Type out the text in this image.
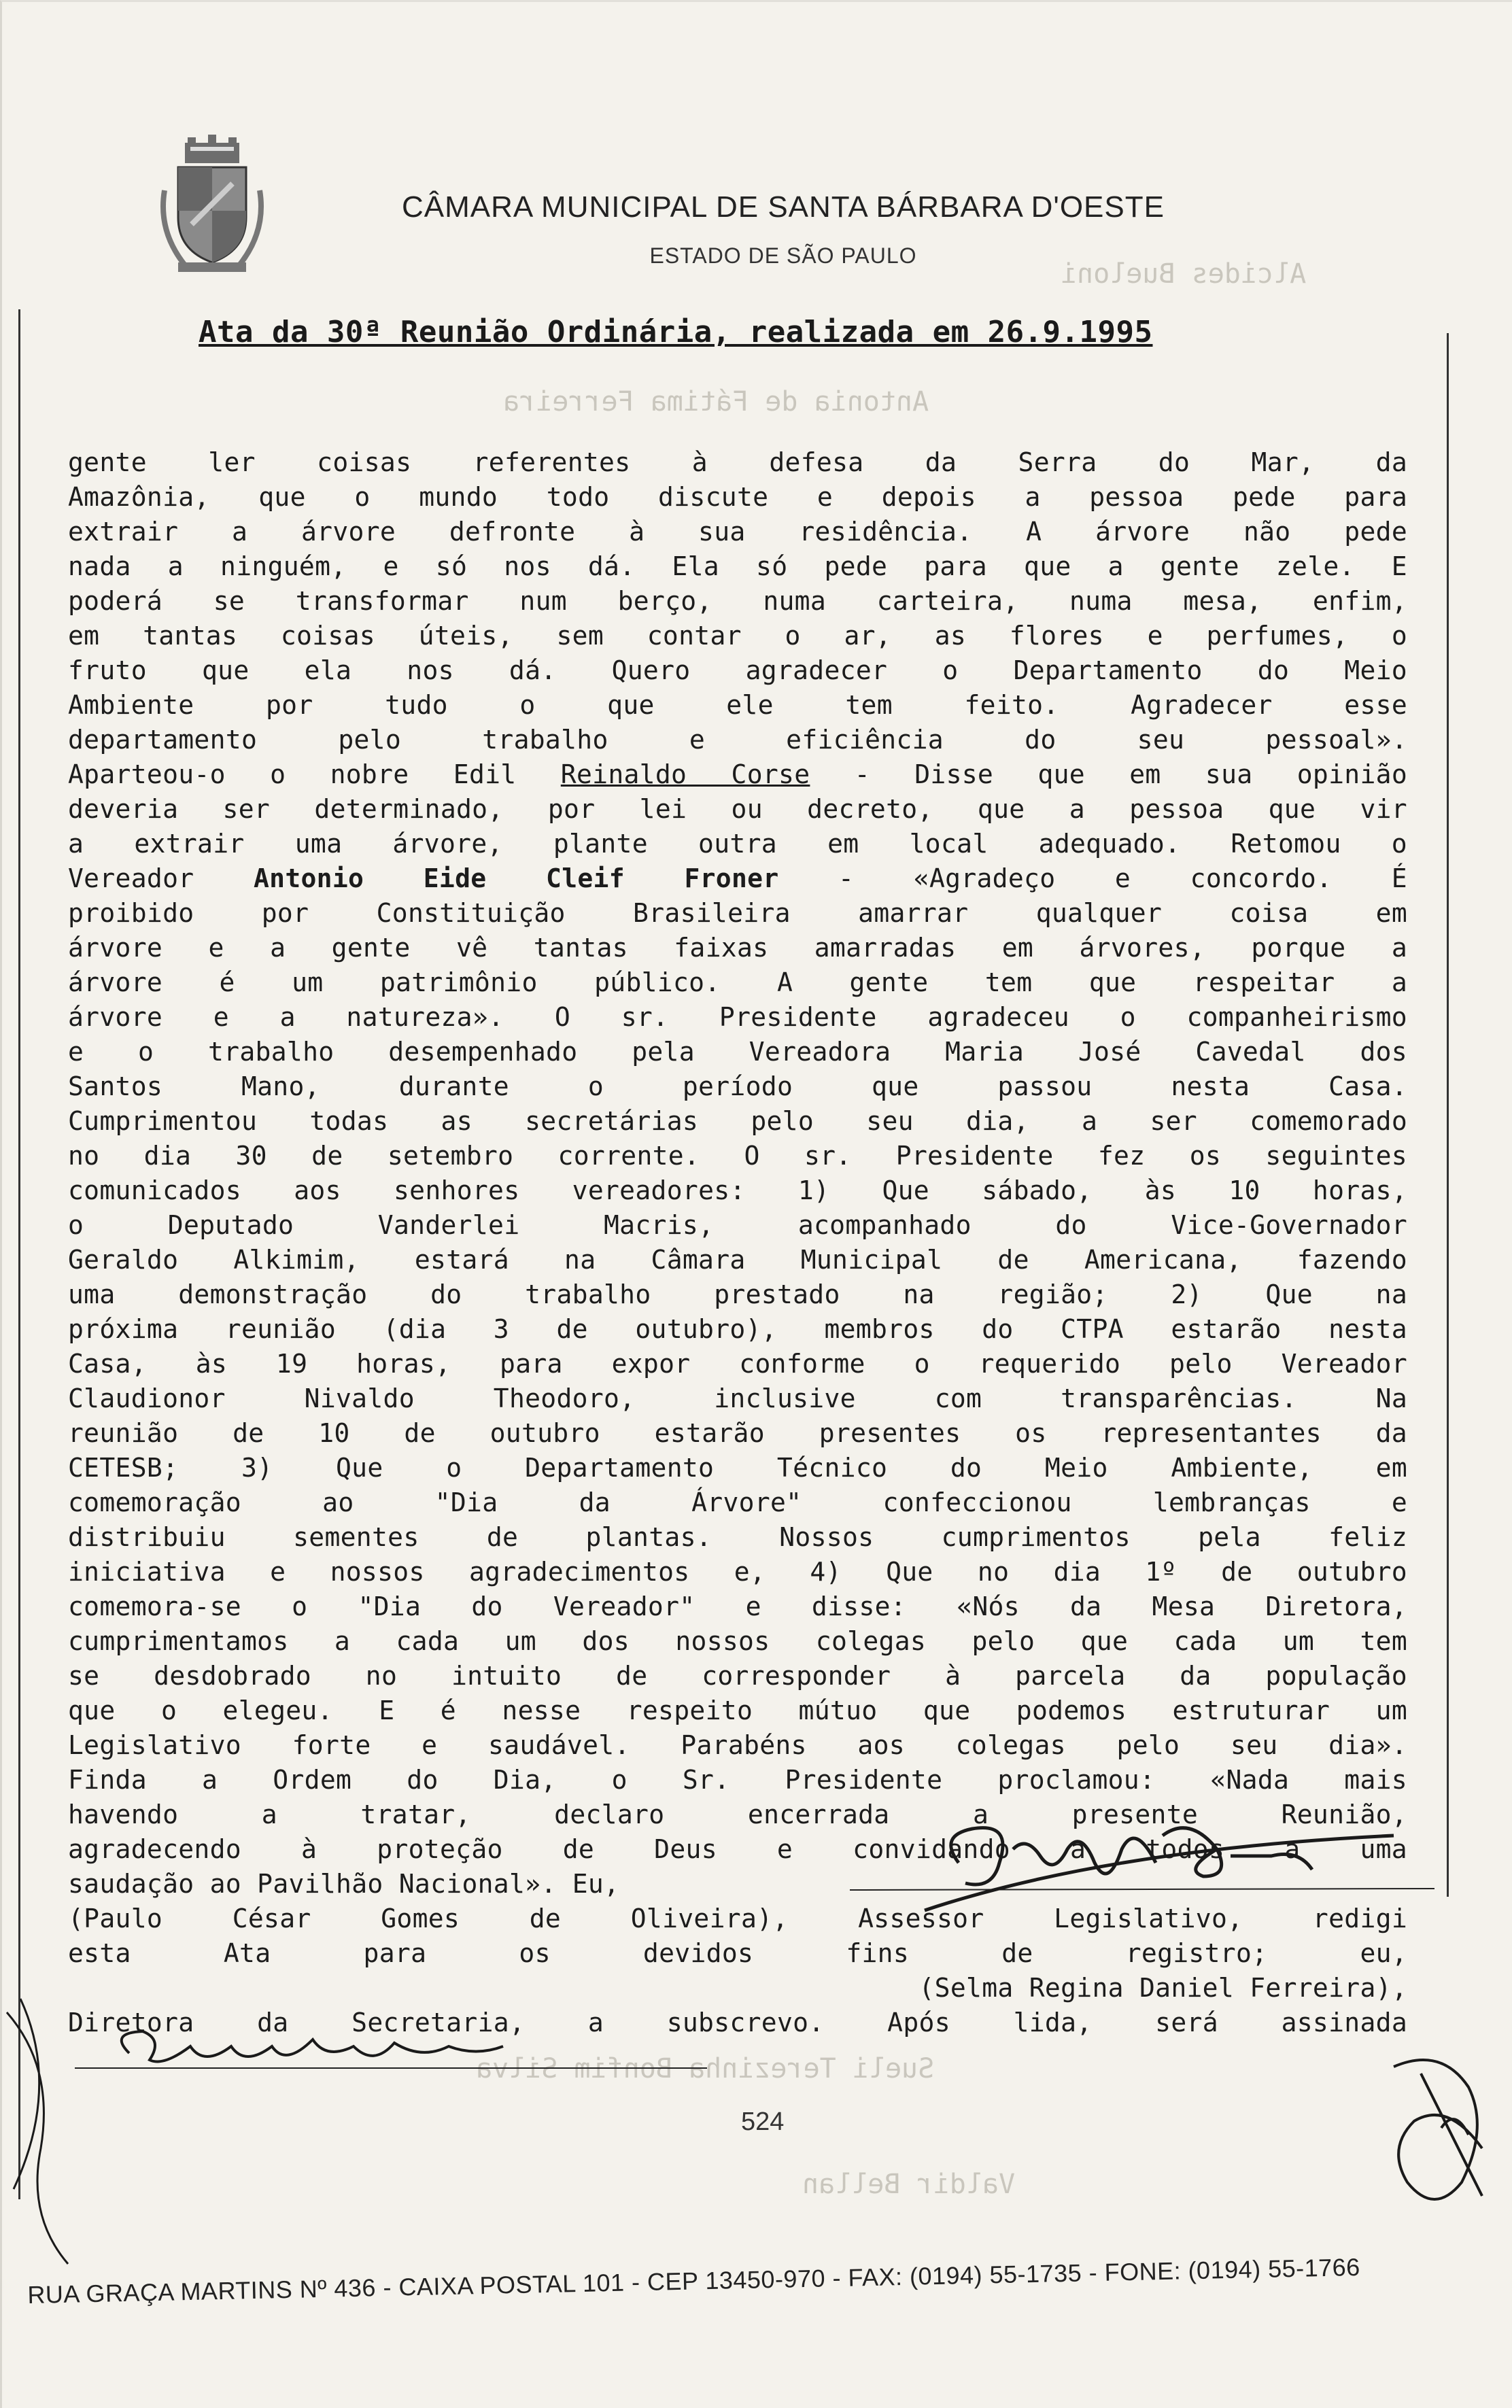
Alcides Bueloni
Antonia de Fátima Ferreira
Sueli Terezinha Bonfim Silva
Valdir Bellan
CÂMARA MUNICIPAL DE SANTA BÁRBARA D'OESTE
ESTADO DE SÃO PAULO
Ata da 30ª Reunião Ordinária, realizada em 26.9.1995
gente ler coisas referentes à defesa da Serra do Mar, da
Amazônia, que o mundo todo discute e depois a pessoa pede para
extrair a árvore defronte à sua residência. A árvore não pede
nada a ninguém, e só nos dá. Ela só pede para que a gente zele. E
poderá se transformar num berço, numa carteira, numa mesa, enfim,
em tantas coisas úteis, sem contar o ar, as flores e perfumes, o
fruto que ela nos dá. Quero agradecer o Departamento do Meio
Ambiente por tudo o que ele tem feito. Agradecer esse
departamento pelo trabalho e eficiência do seu pessoal».
Aparteou-o o nobre Edil Reinaldo Corse - Disse que em sua opinião
deveria ser determinado, por lei ou decreto, que a pessoa que vir
a extrair uma árvore, plante outra em local adequado. Retomou o
Vereador Antonio Eide Cleif Froner - «Agradeço e concordo. É
proibido por Constituição Brasileira amarrar qualquer coisa em
árvore e a gente vê tantas faixas amarradas em árvores, porque a
árvore é um patrimônio público. A gente tem que respeitar a
árvore e a natureza». O sr. Presidente agradeceu o companheirismo
e o trabalho desempenhado pela Vereadora Maria José Cavedal dos
Santos Mano, durante o período que passou nesta Casa.
Cumprimentou todas as secretárias pelo seu dia, a ser comemorado
no dia 30 de setembro corrente. O sr. Presidente fez os seguintes
comunicados aos senhores vereadores: 1) Que sábado, às 10 horas,
o Deputado Vanderlei Macris, acompanhado do Vice-Governador
Geraldo Alkimim, estará na Câmara Municipal de Americana, fazendo
uma demonstração do trabalho prestado na região; 2) Que na
próxima reunião (dia 3 de outubro), membros do CTPA estarão nesta
Casa, às 19 horas, para expor conforme o requerido pelo Vereador
Claudionor Nivaldo Theodoro, inclusive com transparências. Na
reunião de 10 de outubro estarão presentes os representantes da
CETESB; 3) Que o Departamento Técnico do Meio Ambiente, em
comemoração ao "Dia da Árvore" confeccionou lembranças e
distribuiu sementes de plantas. Nossos cumprimentos pela feliz
iniciativa e nossos agradecimentos e, 4) Que no dia 1º de outubro
comemora-se o "Dia do Vereador" e disse: «Nós da Mesa Diretora,
cumprimentamos a cada um dos nossos colegas pelo que cada um tem
se desdobrado no intuito de corresponder à parcela da população
que o elegeu. E é nesse respeito mútuo que podemos estruturar um
Legislativo forte e saudável. Parabéns aos colegas pelo seu dia».
Finda a Ordem do Dia, o Sr. Presidente proclamou: «Nada mais
havendo a tratar, declaro encerrada a presente Reunião,
agradecendo à proteção de Deus e convidando a todos a uma
saudação ao Pavilhão Nacional». Eu,
(Paulo César Gomes de Oliveira), Assessor Legislativo, redigi
esta Ata para os devidos fins de registro; eu,
(Selma Regina Daniel Ferreira),
Diretora da Secretaria, a subscrevo. Após lida, será assinada
524
RUA GRAÇA MARTINS Nº 436 - CAIXA POSTAL 101 - CEP 13450-970 - FAX: (0194) 55-1735 - FONE: (0194) 55-1766
